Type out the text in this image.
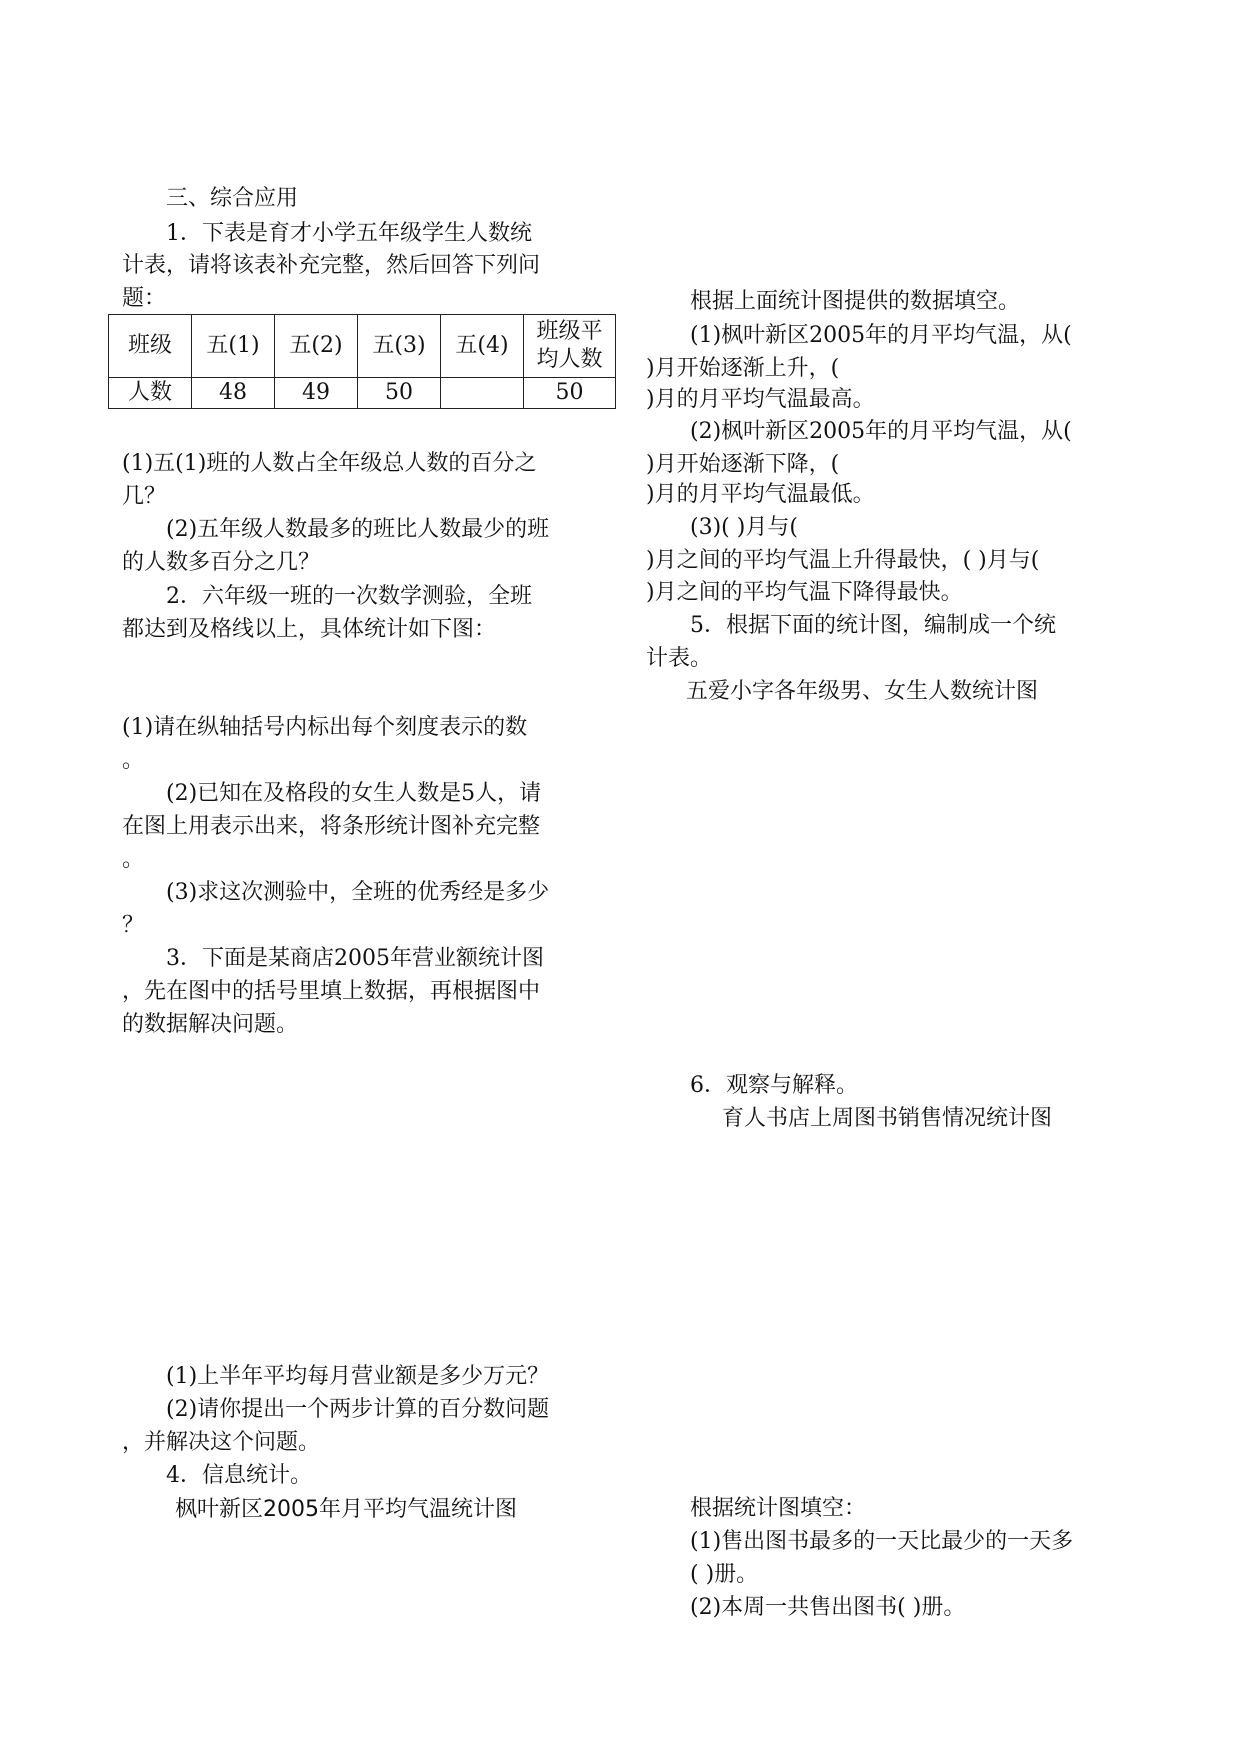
三、综合应用
1．下表是育才小学五年级学生人数统
计表，请将该表补充完整，然后回答下列问
题：
班级	五(1)	五(2)	五(3)	五(4)	班级平
均人数

人数	48	49	50		50
(1)五(1)班的人数占全年级总人数的百分之
几？
(2)五年级人数最多的班比人数最少的班
的人数多百分之几？
2．六年级一班的一次数学测验，全班
都达到及格线以上，具体统计如下图：
(1)请在纵轴括号内标出每个刻度表示的数
。
(2)已知在及格段的女生人数是5人，请
在图上用表示出来，将条形统计图补充完整
。
(3)求这次测验中，全班的优秀经是多少
？
3．下面是某商店2005年营业额统计图
，先在图中的括号里填上数据，再根据图中
的数据解决问题。
(1)上半年平均每月营业额是多少万元？
(2)请你提出一个两步计算的百分数问题
，并解决这个问题。
4．信息统计。
枫叶新区2005年月平均气温统计图
根据上面统计图提供的数据填空。
(1)枫叶新区2005年的月平均气温，从(
)月开始逐渐上升，(
)月的月平均气温最高。
(2)枫叶新区2005年的月平均气温，从(
)月开始逐渐下降，(
)月的月平均气温最低。
(3)( )月与(
)月之间的平均气温上升得最快，( )月与(
)月之间的平均气温下降得最快。
5．根据下面的统计图，编制成一个统
计表。
五爱小字各年级男、女生人数统计图
6．观察与解释。
育人书店上周图书销售情况统计图
根据统计图填空：
(1)售出图书最多的一天比最少的一天多
( )册。
(2)本周一共售出图书( )册。
